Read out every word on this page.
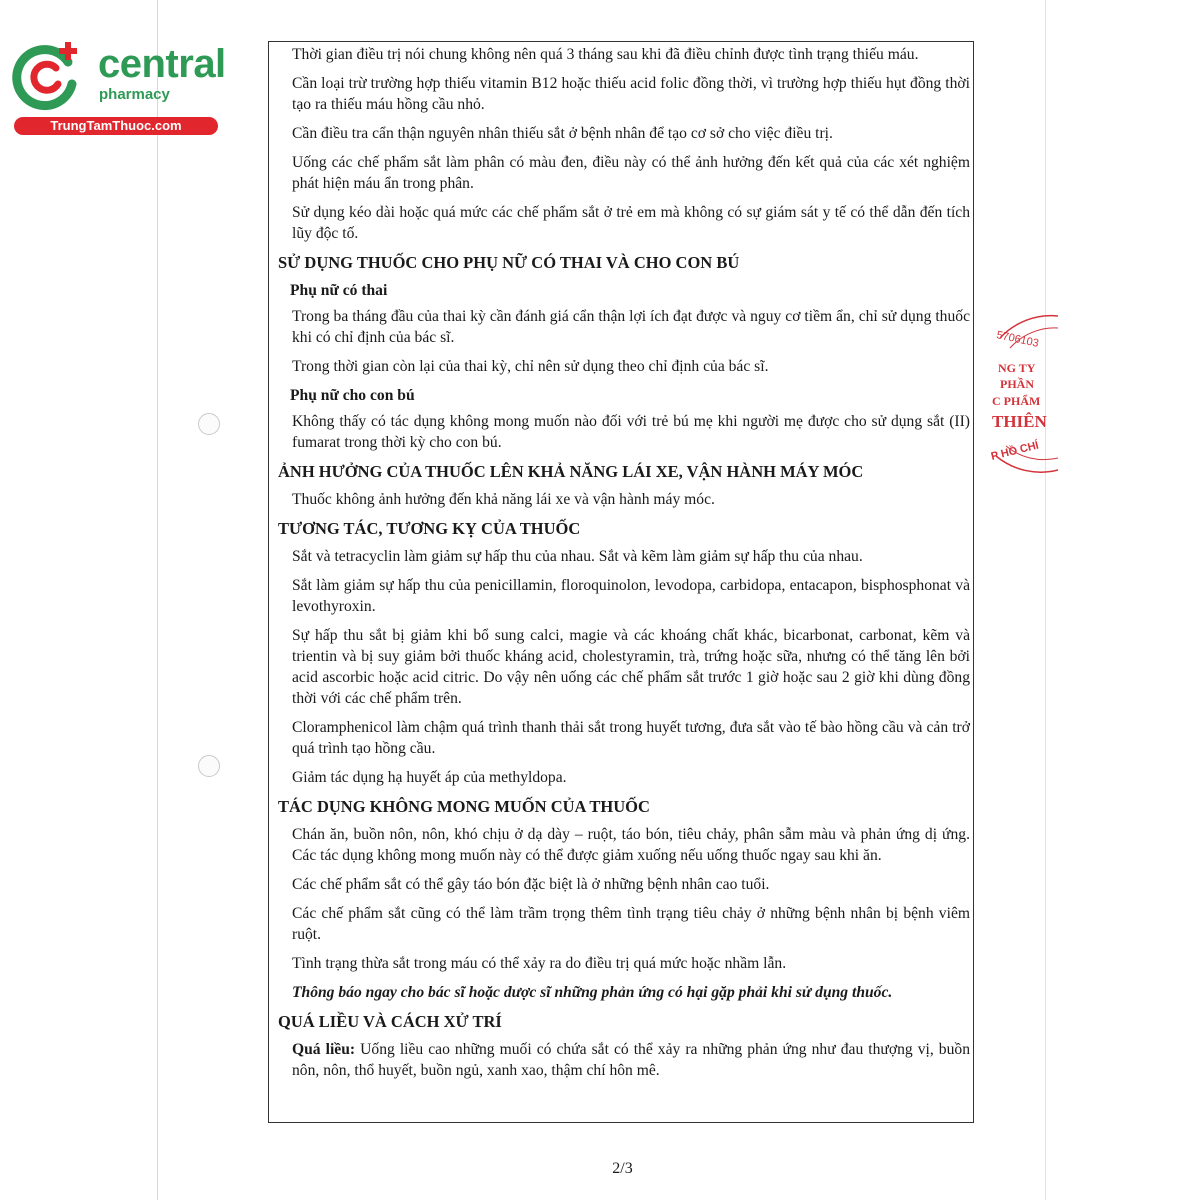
central
pharmacy
TrungTamThuoc.com
5706103
NG TY
PHẦN
C PHẨM
THIÊN
P HỒ CHÍ

Thời gian điều trị nói chung không nên quá 3 tháng sau khi đã điều chỉnh được tình trạng thiếu máu.

Cần loại trừ trường hợp thiếu vitamin B12 hoặc thiếu acid folic đồng thời, vì trường hợp thiếu hụt đồng thời tạo ra thiếu máu hồng cầu nhỏ.

Cần điều tra cẩn thận nguyên nhân thiếu sắt ở bệnh nhân để tạo cơ sở cho việc điều trị.

Uống các chế phẩm sắt làm phân có màu đen, điều này có thể ảnh hưởng đến kết quả của các xét nghiệm phát hiện máu ẩn trong phân.

Sử dụng kéo dài hoặc quá mức các chế phẩm sắt ở trẻ em mà không có sự giám sát y tế có thể dẫn đến tích lũy độc tố.

SỬ DỤNG THUỐC CHO PHỤ NỮ CÓ THAI VÀ CHO CON BÚ
Phụ nữ có thai

Trong ba tháng đầu của thai kỳ cần đánh giá cẩn thận lợi ích đạt được và nguy cơ tiềm ẩn, chỉ sử dụng thuốc khi có chỉ định của bác sĩ.

Trong thời gian còn lại của thai kỳ, chỉ nên sử dụng theo chỉ định của bác sĩ.

Phụ nữ cho con bú

Không thấy có tác dụng không mong muốn nào đối với trẻ bú mẹ khi người mẹ được cho sử dụng sắt (II) fumarat trong thời kỳ cho con bú.

ẢNH HƯỞNG CỦA THUỐC LÊN KHẢ NĂNG LÁI XE, VẬN HÀNH MÁY MÓC

Thuốc không ảnh hưởng đến khả năng lái xe và vận hành máy móc.

TƯƠNG TÁC, TƯƠNG KỴ CỦA THUỐC

Sắt và tetracyclin làm giảm sự hấp thu của nhau. Sắt và kẽm làm giảm sự hấp thu của nhau.

Sắt làm giảm sự hấp thu của penicillamin, floroquinolon, levodopa, carbidopa, entacapon, bisphosphonat và levothyroxin.

Sự hấp thu sắt bị giảm khi bổ sung calci, magie và các khoáng chất khác, bicarbonat, carbonat, kẽm và trientin và bị suy giảm bởi thuốc kháng acid, cholestyramin, trà, trứng hoặc sữa, nhưng có thể tăng lên bởi acid ascorbic hoặc acid citric. Do vậy nên uống các chế phẩm sắt trước 1 giờ hoặc sau 2 giờ khi dùng đồng thời với các chế phẩm trên.

Cloramphenicol làm chậm quá trình thanh thải sắt trong huyết tương, đưa sắt vào tế bào hồng cầu và cản trở quá trình tạo hồng cầu.

Giảm tác dụng hạ huyết áp của methyldopa.

TÁC DỤNG KHÔNG MONG MUỐN CỦA THUỐC

Chán ăn, buồn nôn, nôn, khó chịu ở dạ dày – ruột, táo bón, tiêu chảy, phân sẫm màu và phản ứng dị ứng. Các tác dụng không mong muốn này có thể được giảm xuống nếu uống thuốc ngay sau khi ăn.

Các chế phẩm sắt có thể gây táo bón đặc biệt là ở những bệnh nhân cao tuổi.

Các chế phẩm sắt cũng có thể làm trầm trọng thêm tình trạng tiêu chảy ở những bệnh nhân bị bệnh viêm ruột.

Tình trạng thừa sắt trong máu có thể xảy ra do điều trị quá mức hoặc nhầm lẫn.

Thông báo ngay cho bác sĩ hoặc dược sĩ những phản ứng có hại gặp phải khi sử dụng thuốc.

QUÁ LIỀU VÀ CÁCH XỬ TRÍ

Quá liều: Uống liều cao những muối có chứa sắt có thể xảy ra những phản ứng như đau thượng vị, buồn nôn, nôn, thổ huyết, buồn ngủ, xanh xao, thậm chí hôn mê.

2/3
